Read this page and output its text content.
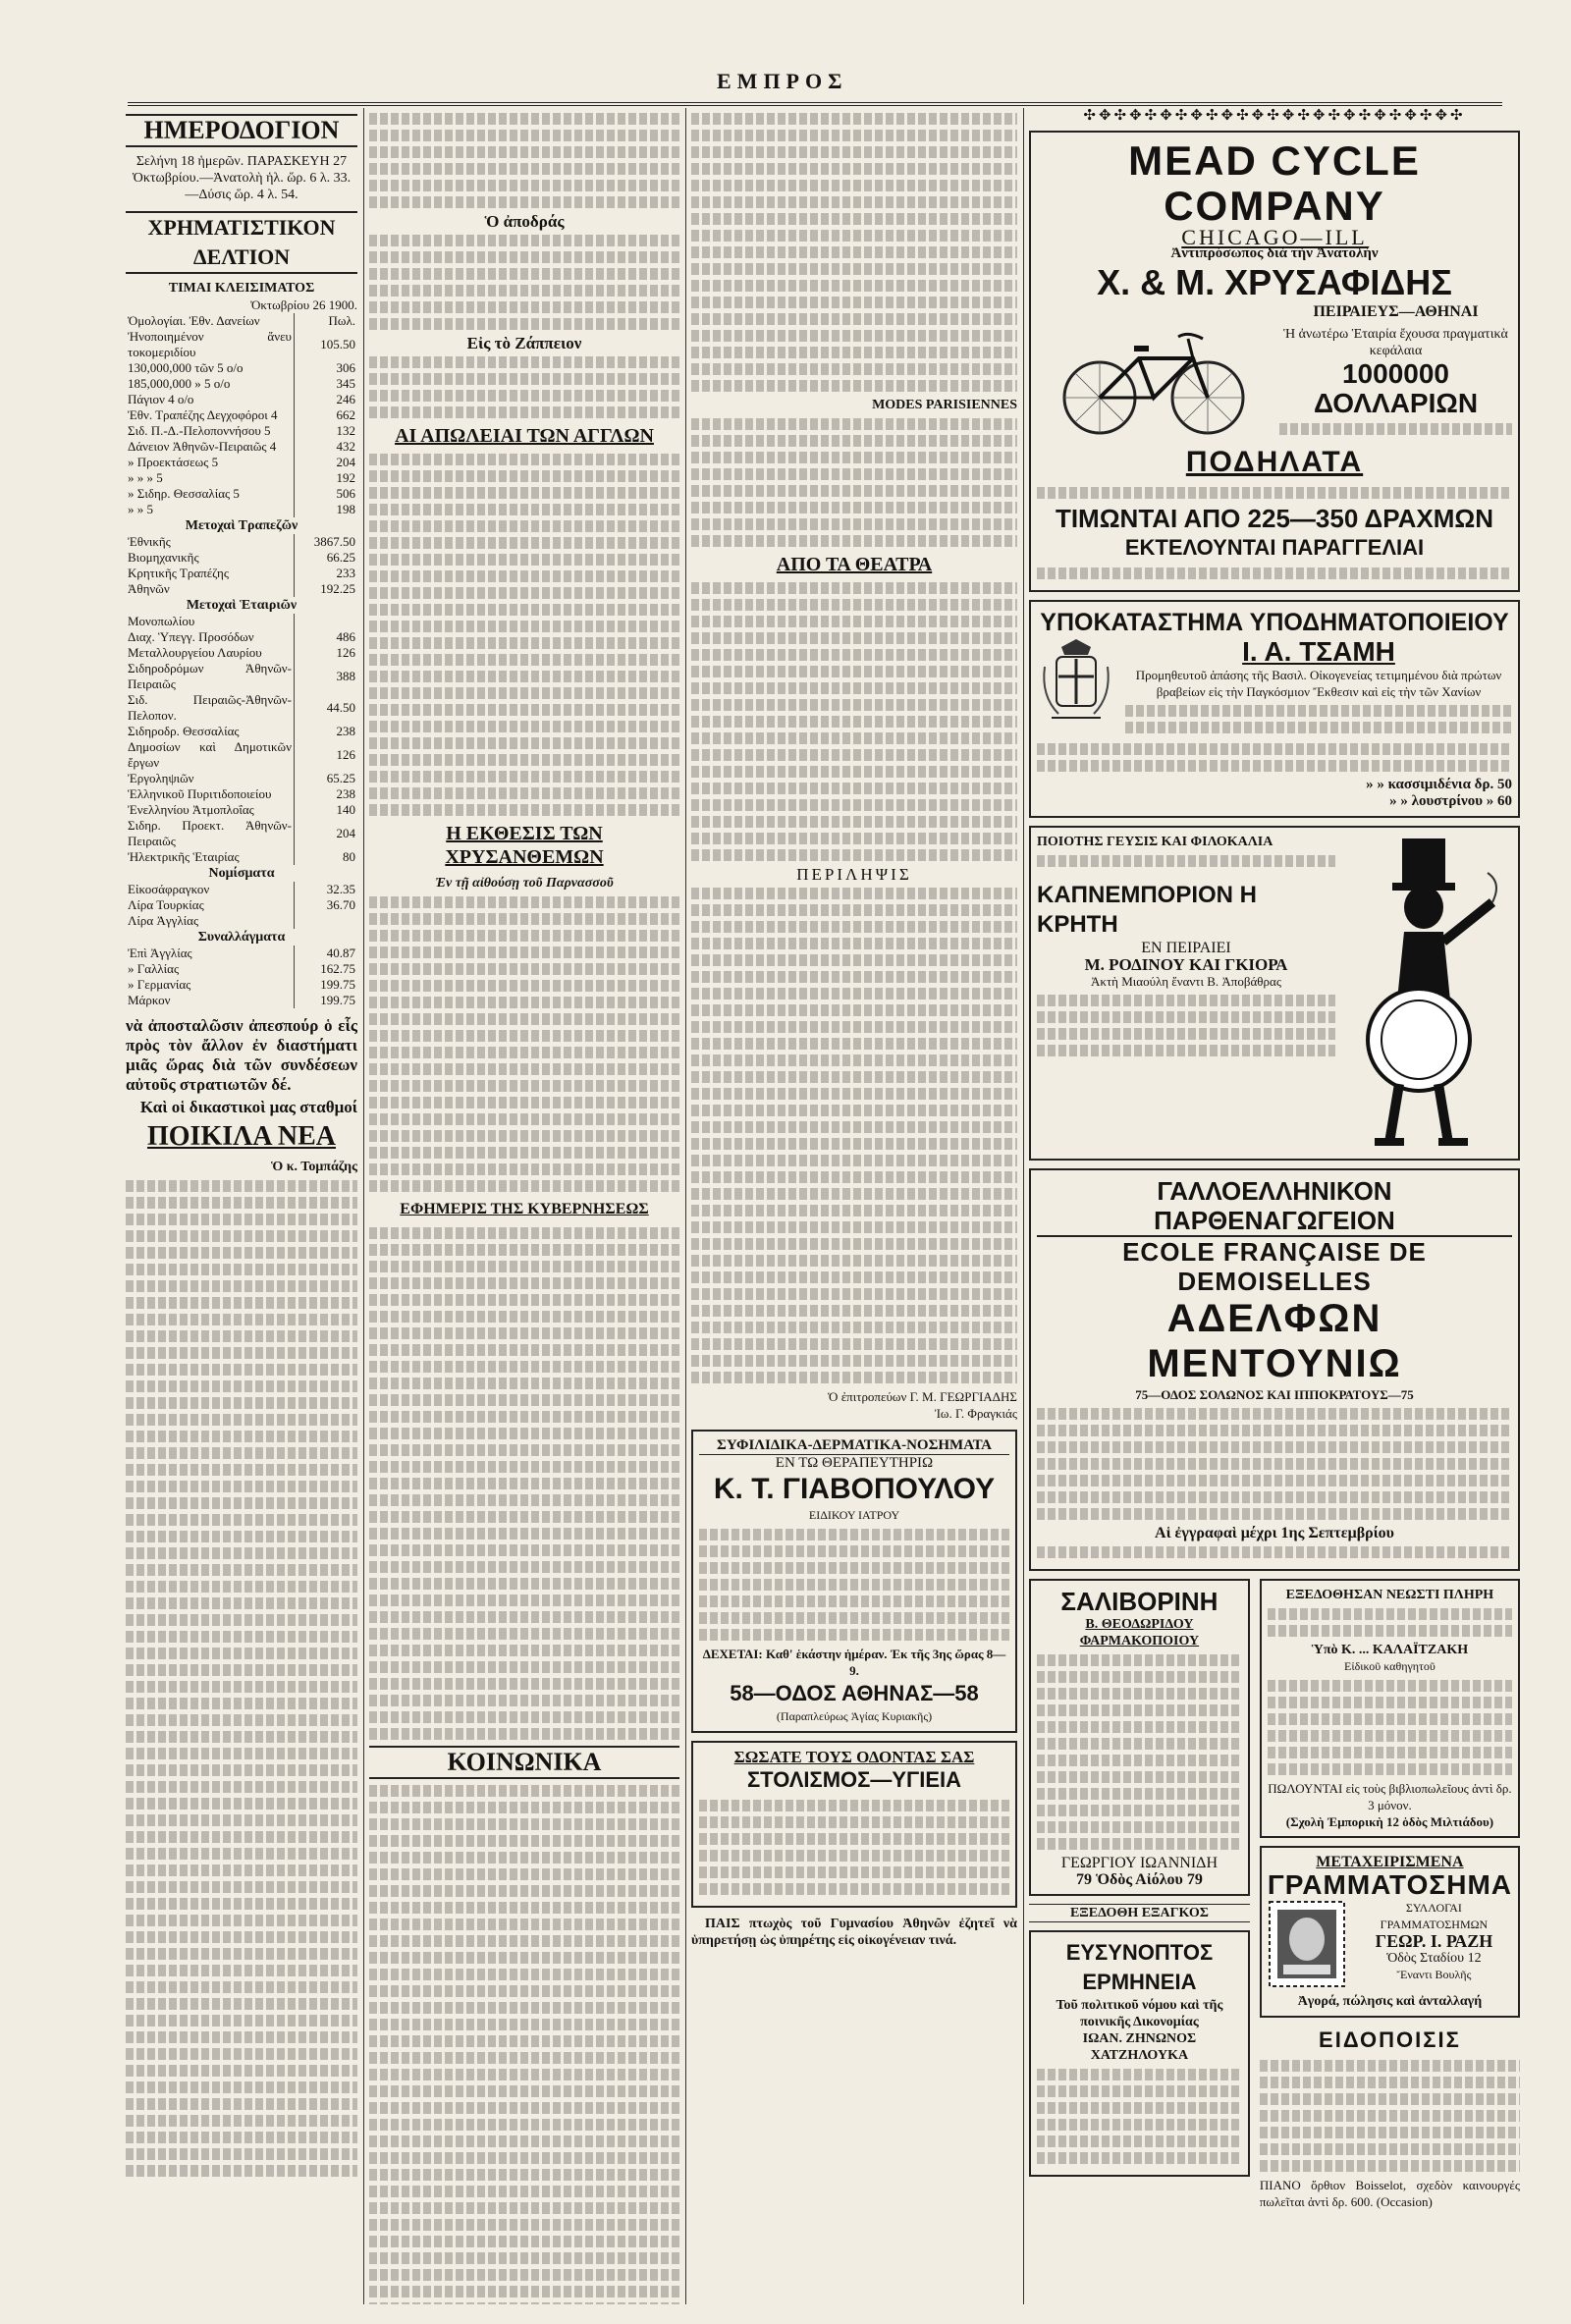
ΕΜΠΡΟΣ
ΗΜΕΡΟΔΟΓΙΟΝ
Σελήνη 18 ἡμερῶν. ΠΑΡΑΣΚΕΥΗ 27 Ὀκτωβρίου.—Ἀνατολὴ ἡλ. ὥρ. 6 λ. 33.—Δύσις ὥρ. 4 λ. 54.
ΧΡΗΜΑΤΙΣΤΙΚΟΝ ΔΕΛΤΙΟΝ
ΤΙΜΑΙ ΚΛΕΙΣΙΜΑΤΟΣ
Ὀκτωβρίου 26 1900.
Ὁμολογίαι. Ἐθν. Δανείων	Πωλ.
Ἠνοποιημένον ἄνευ τοκομεριδίου	105.50
130,000,000 τῶν 5 ο/ο	306
185,000,000 » 5 ο/ο	345
Πάγιον 4 ο/ο	246
Ἐθν. Τραπέζης Δεγχοφόροι 4	662
Σιδ. Π.-Δ.-Πελοποννήσου 5	132
Δάνειον Ἀθηνῶν-Πειραιῶς 4	432
» Προεκτάσεως 5	204
» » » 5	192
» Σιδηρ. Θεσσαλίας 5	506
» » 5	198
Μετοχαὶ Τραπεζῶν
Ἐθνικῆς	3867.50
Βιομηχανικῆς	66.25
Κρητικῆς Τραπέζης	233
Ἀθηνῶν	192.25
Μετοχαὶ Ἑταιριῶν
Μονοπωλίου	
Διαχ. Ὑπεγγ. Προσόδων	486
Μεταλλουργείου Λαυρίου	126
Σιδηροδρόμων Ἀθηνῶν-Πειραιῶς	388
Σιδ. Πειραιῶς-Ἀθηνῶν-Πελοπον.	44.50
Σιδηροδρ. Θεσσαλίας	238
Δημοσίων καὶ Δημοτικῶν ἔργων	126
Ἐργοληψιῶν	65.25
Ἑλληνικοῦ Πυριτιδοποιείου	238
Ἐνελληνίου Ἀτμοπλοΐας	140
Σιδηρ. Προεκτ. Ἀθηνῶν-Πειραιῶς	204
Ἠλεκτρικῆς Ἑταιρίας	80
Νομίσματα
Εἰκοσάφραγκον	32.35
Λίρα Τουρκίας	36.70
Λίρα Ἀγγλίας	
Συναλλάγματα
Ἐπὶ Ἀγγλίας	40.87
» Γαλλίας	162.75
» Γερμανίας	199.75
Μάρκον	199.75
νὰ ἀποσταλῶσιν ἀπεσπούρ ὁ εἷς πρὸς τὸν ἄλλον ἐν διαστήματι μιᾶς ὥρας διὰ τῶν συνδέσεων αὐτοῦς στρατιωτῶν δέ.
Καὶ οἱ δικαστικοὶ μας σταθμοί
ΠΟΙΚΙΛΑ ΝΕΑ
Ὁ κ. Τομπάζης
Ὁ ἀποδράς
Εἰς τὸ Ζάππειον
ΑΙ ΑΠΩΛΕΙΑΙ ΤΩΝ ΑΓΓΛΩΝ
Η ΕΚΘΕΣΙΣ ΤΩΝ ΧΡΥΣΑΝΘΕΜΩΝ
Ἐν τῇ αἰθούσῃ τοῦ Παρνασσοῦ
ΕΦΗΜΕΡΙΣ ΤΗΣ ΚΥΒΕΡΝΗΣΕΩΣ
ΚΟΙΝΩΝΙΚΑ
MODES PARISIENNES
ΑΠΟ ΤΑ ΘΕΑΤΡΑ
ΠΕΡΙΛΗΨΙΣ
Ὁ ἐπιτροπεύων Γ. Μ. ΓΕΩΡΓΙΑΔΗΣ
Ἰω. Γ. Φραγκιάς
ΣΥΦΙΛΙΔΙΚΑ-ΔΕΡΜΑΤΙΚΑ-ΝΟΣΗΜΑΤΑ
ΕΝ ΤΩ ΘΕΡΑΠΕΥΤΗΡΙΩ
Κ. Τ. ΓΙΑΒΟΠΟΥΛΟΥ
ΕΙΔΙΚΟΥ ΙΑΤΡΟΥ
ΔΕΧΕΤΑΙ: Καθ' ἑκάστην ἡμέραν. Ἐκ τῆς 3ης ὥρας 8—9.
58—ΟΔΟΣ ΑΘΗΝΑΣ—58
(Παραπλεύρως Ἁγίας Κυριακῆς)
ΣΩΣΑΤΕ ΤΟΥΣ ΟΔΟΝΤΑΣ ΣΑΣ
ΣΤΟΛΙΣΜΟΣ—ΥΓΙΕΙΑ
ΠΑΙΣ πτωχὸς τοῦ Γυμνασίου Ἀθηνῶν ἐζητεῖ νὰ ὑπηρετήσῃ ὡς ὑπηρέτης εἰς οἰκογένειαν τινά.
✣✥✣✥✣✥✣✥✣✥✣✥✣✥✣✥✣✥✣✥✣✥✣✥✣
MEAD CYCLE COMPANY
CHICAGO—ILL
Ἀντιπρόσωπος διὰ τὴν Ἀνατολήν
Χ. & Μ. ΧΡΥΣΑΦΙΔΗΣ
ΠΕΙΡΑΙΕΥΣ—ΑΘΗΝΑΙ
Ἡ ἀνωτέρω Ἑταιρία ἔχουσα πραγματικὰ κεφάλαια
1000000 ΔΟΛΛΑΡΙΩΝ
ΠΟΔΗΛΑΤΑ
ΤΙΜΩΝΤΑΙ ΑΠΟ 225—350 ΔΡΑΧΜΩΝ
ΕΚΤΕΛΟΥΝΤΑΙ ΠΑΡΑΓΓΕΛΙΑΙ
ΥΠΟΚΑΤΑΣΤΗΜΑ ΥΠΟΔΗΜΑΤΟΠΟΙΕΙΟΥ
Ι. Α. ΤΣΑΜΗ
Προμηθευτοῦ ἁπάσης τῆς Βασιλ. Οἰκογενείας τετιμημένου διὰ πρώτων βραβείων εἰς τὴν Παγκόσμιον Ἔκθεσιν καὶ εἰς τὴν τῶν Χανίων
» » κασσιμιδένια δρ. 50
» » λουστρίνου » 60
ΠΟΙΟΤΗΣ ΓΕΥΣΙΣ ΚΑΙ ΦΙΛΟΚΑΛΙΑ
ΚΑΠΝΕΜΠΟΡΙΟΝ Η ΚΡΗΤΗ
ΕΝ ΠΕΙΡΑΙΕΙ
Μ. ΡΟΔΙΝΟΥ ΚΑΙ ΓΚΙΟΡΑ
Ἀκτὴ Μιαούλη ἔναντι Β. Ἀποβάθρας
ΓΑΛΛΟΕΛΛΗΝΙΚΟΝ ΠΑΡΘΕΝΑΓΩΓΕΙΟΝ
ECOLE FRANÇAISE DE DEMOISELLES
ΑΔΕΛΦΩΝ ΜΕΝΤΟΥΝΙΩ
75—ΟΔΟΣ ΣΟΛΩΝΟΣ ΚΑΙ ΙΠΠΟΚΡΑΤΟΥΣ—75
Αἱ ἐγγραφαὶ μέχρι 1ης Σεπτεμβρίου
ΣΑΛΙΒΟΡΙΝΗ
Β. ΘΕΟΔΩΡΙΔΟΥ ΦΑΡΜΑΚΟΠΟΙΟΥ
ΓΕΩΡΓΙΟΥ ΙΩΑΝΝΙΔΗ
79 Ὁδὸς Αἰόλου 79
ΕΞΕΔΟΘΗ ΕΞΑΓΚΟΣ
ΕΥΣΥΝΟΠΤΟΣ ΕΡΜΗΝΕΙΑ
Τοῦ πολιτικοῦ νόμου καὶ τῆς ποινικῆς Δικονομίας
ΙΩΑΝ. ΖΗΝΩΝΟΣ ΧΑΤΖΗΛΟΥΚΑ
ΕΞΕΔΟΘΗΣΑΝ ΝΕΩΣΤΙ ΠΛΗΡΗ
Ὑπὸ Κ. ... ΚΑΛΑΪΤΖΑΚΗ
Εἰδικοῦ καθηγητοῦ
ΠΩΛΟΥΝΤΑΙ εἰς τοὺς βιβλιοπωλεῖους ἀντὶ δρ. 3 μόνον.
(Σχολὴ Ἐμπορικὴ 12 ὁδὸς Μιλτιάδου)
ΜΕΤΑΧΕΙΡΙΣΜΕΝΑ
ΓΡΑΜΜΑΤΟΣΗΜΑ
ΣΥΛΛΟΓΑΙ ΓΡΑΜΜΑΤΟΣΗΜΩΝ
ΓΕΩΡ. Ι. ΡΑΖΗ
Ὁδὸς Σταδίου 12
Ἔναντι Βουλῆς
Ἀγορά, πώλησις καὶ ἀνταλλαγή
ΕΙΔΟΠΟΙΣΙΣ
ΠΙΑΝΟ ὄρθιον Boisselot, σχεδὸν καινουργές πωλεῖται ἀντὶ δρ. 600. (Occasion)
